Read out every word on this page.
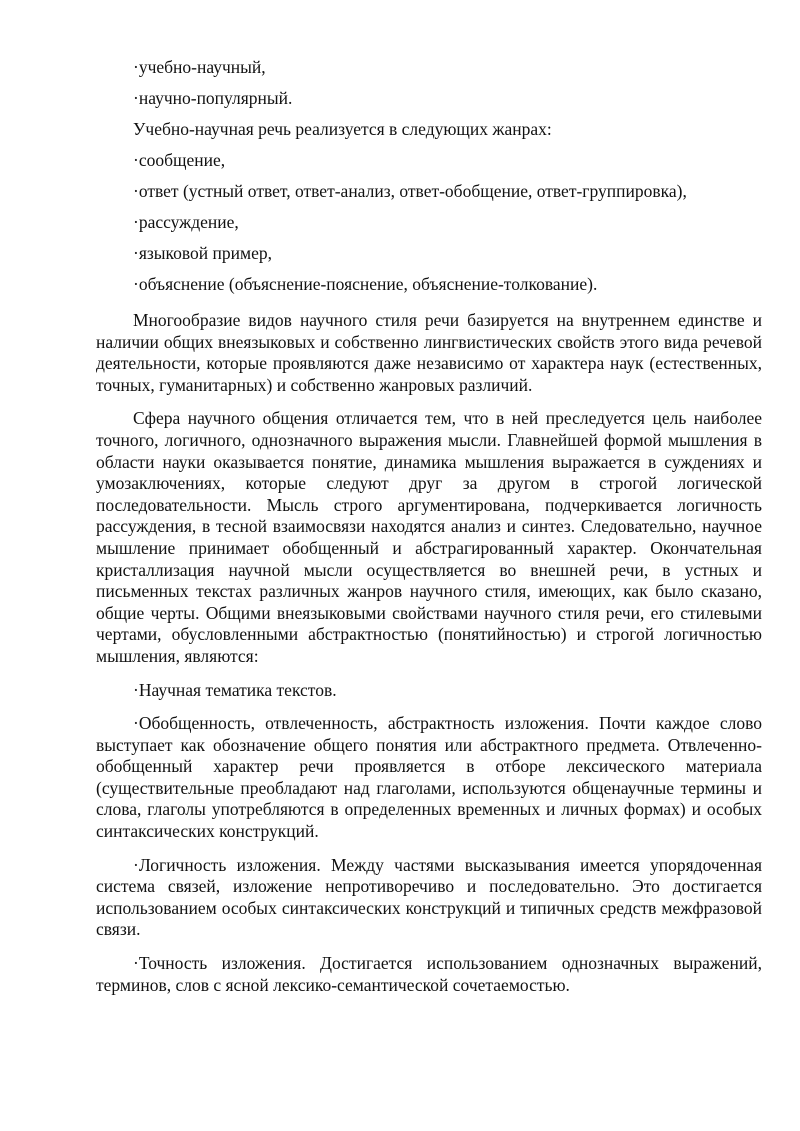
·учебно-научный,

·научно-популярный.

Учебно-научная речь реализуется в следующих жанрах:

·сообщение,

·ответ (устный ответ, ответ-анализ, ответ-обобщение, ответ-группировка),

·рассуждение,

·языковой пример,

·объяснение (объяснение-пояснение, объяснение-толкование).

Многообразие видов научного стиля речи базируется на внутреннем единстве и наличии общих внеязыковых и собственно лингвистических свойств этого вида речевой деятельности, которые проявляются даже независимо от характера наук (естественных, точных, гуманитарных) и собственно жанровых различий.

Сфера научного общения отличается тем, что в ней преследуется цель наиболее точного, логичного, однозначного выражения мысли. Главнейшей формой мышления в области науки оказывается понятие, динамика мышления выражается в суждениях и умозаключениях, которые следуют друг за другом в строгой логической последовательности. Мысль строго аргументирована, подчеркивается логичность рассуждения, в тесной взаимосвязи находятся анализ и синтез. Следовательно, научное мышление принимает обобщенный и абстрагированный характер. Окончательная кристаллизация научной мысли осуществляется во внешней речи, в устных и письменных текстах различных жанров научного стиля, имеющих, как было сказано, общие черты. Общими внеязыковыми свойствами научного стиля речи, его стилевыми чертами, обусловленными абстрактностью (понятийностью) и строгой логичностью мышления, являются:

·Научная тематика текстов.

·Обобщенность, отвлеченность, абстрактность изложения. Почти каждое слово выступает как обозначение общего понятия или абстрактного предмета. Отвлеченно-обобщенный характер речи проявляется в отборе лексического материала (существительные преобладают над глаголами, используются общенаучные термины и слова, глаголы употребляются в определенных временных и личных формах) и особых синтаксических конструкций.

·Логичность изложения. Между частями высказывания имеется упорядоченная система связей, изложение непротиворечиво и последовательно. Это достигается использованием особых синтаксических конструкций и типичных средств межфразовой связи.

·Точность изложения. Достигается использованием однозначных выражений, терминов, слов с ясной лексико-семантической сочетаемостью.
